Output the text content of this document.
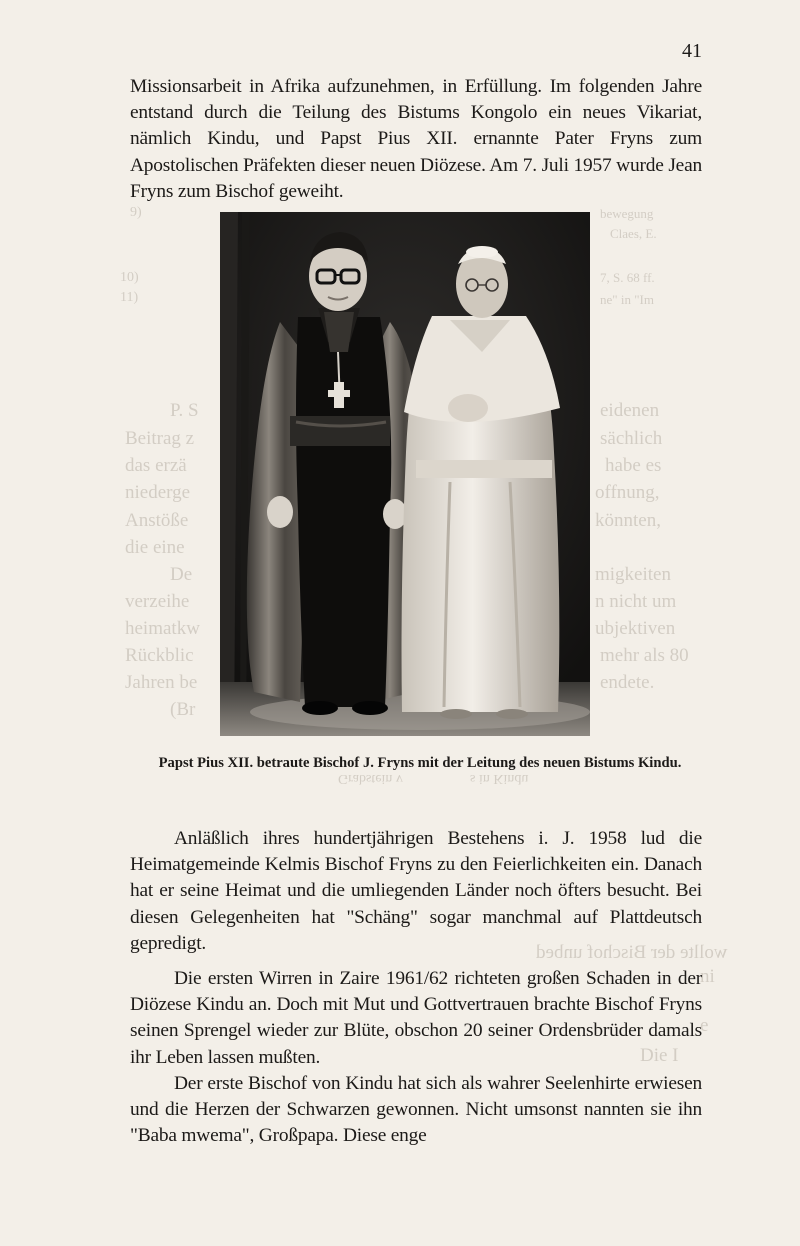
9)
10)
11)
bewegung
Claes, E.
7, S. 68 ff.
ne" in "Im
P. S	eidenen
Beitrag z	sächlich
das erzä	habe es
niederge	offnung,
Anstöße	könnten,
die eine
De	migkeiten
verzeihe	n nicht um
heimatkw	ubjektiven
Rückblic	mehr als 80
Jahren be	endete.
(Br
Grabstein v	s in Kindu
wollte der Bischof unbed
ni
e
Die I
41

Missionsarbeit in Afrika aufzunehmen, in Erfüllung. Im folgenden Jahre entstand durch die Teilung des Bistums Kongolo ein neues Vikariat, nämlich Kindu, und Papst Pius XII. ernannte Pater Fryns zum Apostolischen Präfekten dieser neuen Diözese. Am 7. Juli 1957 wurde Jean Fryns zum Bischof geweiht.

Papst Pius XII. betraute Bischof J. Fryns mit der Leitung des neuen Bistums Kindu.

Anläßlich ihres hundertjährigen Bestehens i. J. 1958 lud die Heimatgemeinde Kelmis Bischof Fryns zu den Feierlichkeiten ein. Danach hat er seine Heimat und die umliegenden Länder noch öfters besucht. Bei diesen Gelegenheiten hat "Schäng" sogar manchmal auf Plattdeutsch gepredigt.

Die ersten Wirren in Zaire 1961/62 richteten großen Schaden in der Diözese Kindu an. Doch mit Mut und Gottvertrauen brachte Bischof Fryns seinen Sprengel wieder zur Blüte, obschon 20 seiner Ordensbrüder damals ihr Leben lassen mußten.

Der erste Bischof von Kindu hat sich als wahrer Seelenhirte erwiesen und die Herzen der Schwarzen gewonnen. Nicht umsonst nannten sie ihn "Baba mwema", Großpapa. Diese enge
